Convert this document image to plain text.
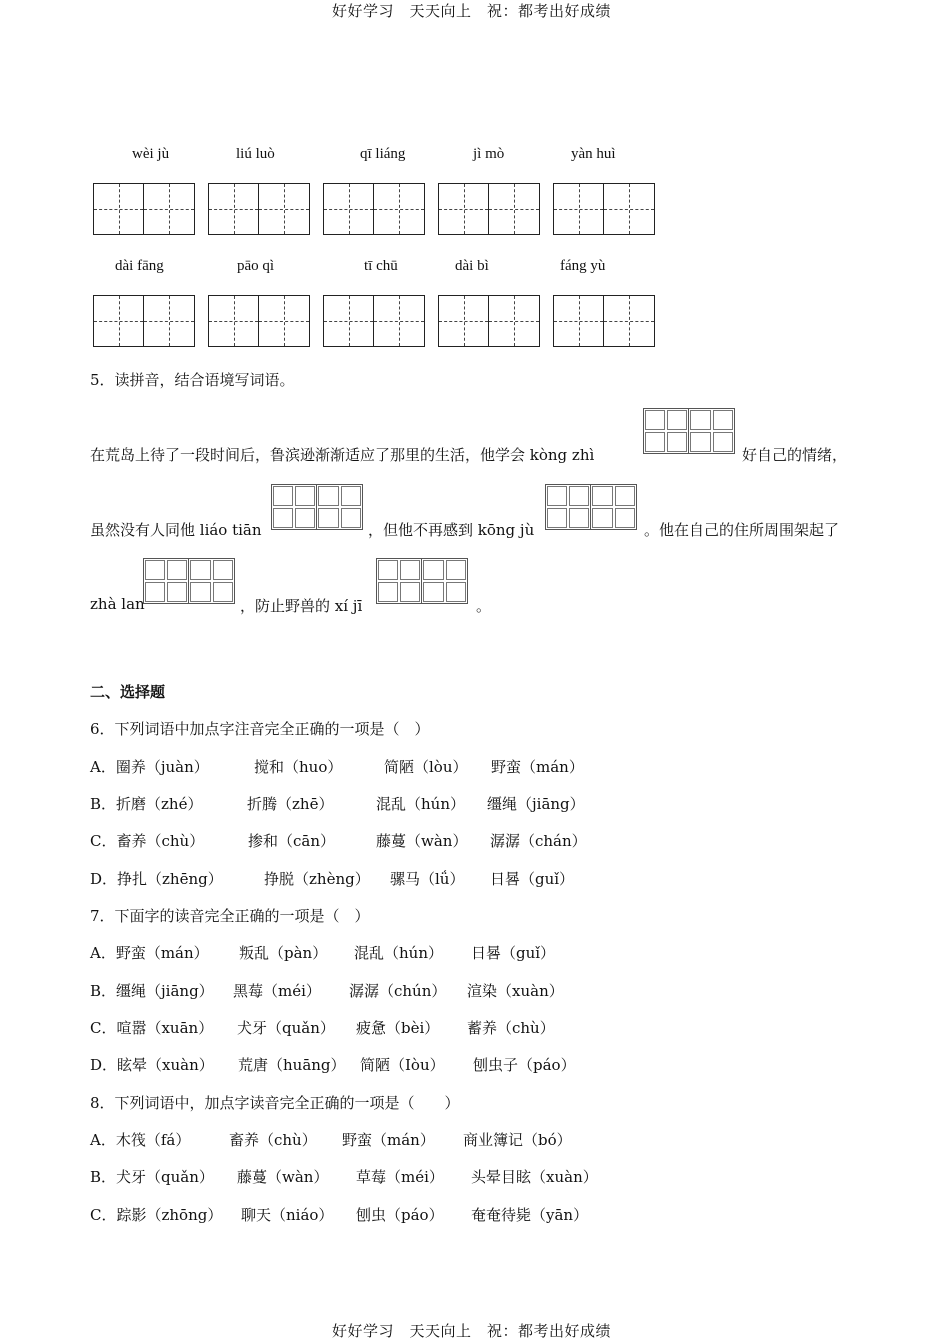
好好学习　天天向上　祝：都考出好成绩
wèi jù	liú luò	qī liáng	jì mò	yàn huì
dài fāng	pāo qì	tī chū	dài bì	fáng yù
5．读拼音，结合语境写词语。
在荒岛上待了一段时间后，鲁滨逊渐渐适应了那里的生活，他学会 kòng zhì	好自己的情绪，
虽然没有人同他 liáo tiān	，但他不再感到 kōng jù	。他在自己的住所周围架起了
zhà lan	，防止野兽的 xí jī	。
二、选择题
6．下列词语中加点字注音完全正确的一项是（　）
A．圈养（juàn）	搅和（huo）	简陋（lòu） 野蛮（mán）
B．折磨（zhé）	折腾（zhē）	混乱（hún） 缰绳（jiāng）
C．畜养（chù）	掺和（cān）	藤蔓（wàn） 潺潺（chán）
D．挣扎（zhēng）	挣脱（zhèng） 骡马（lǘ） 日晷（guǐ）
7．下面字的读音完全正确的一项是（　）
A．野蛮（mán） 叛乱（pàn） 混乱（hún） 日晷（guǐ）
B．缰绳（jiāng） 黑莓（méi） 潺潺（chún） 渲染（xuàn）
C．喧嚣（xuān） 犬牙（quǎn） 疲惫（bèi） 蓄养（chù）
D．眩晕（xuàn） 荒唐（huāng） 简陋（Iòu） 刨虫子（páo）
8．下列词语中，加点字读音完全正确的一项是（　　）
A．木筏（fá）	畜养（chù） 野蛮（mán） 商业簿记（bó）
B．犬牙（quǎn） 藤蔓（wàn） 草莓（méi） 头晕目眩（xuàn）
C．踪影（zhōng） 聊天（niáo） 刨虫（páo） 奄奄待毙（yān）
好好学习　天天向上　祝：都考出好成绩
